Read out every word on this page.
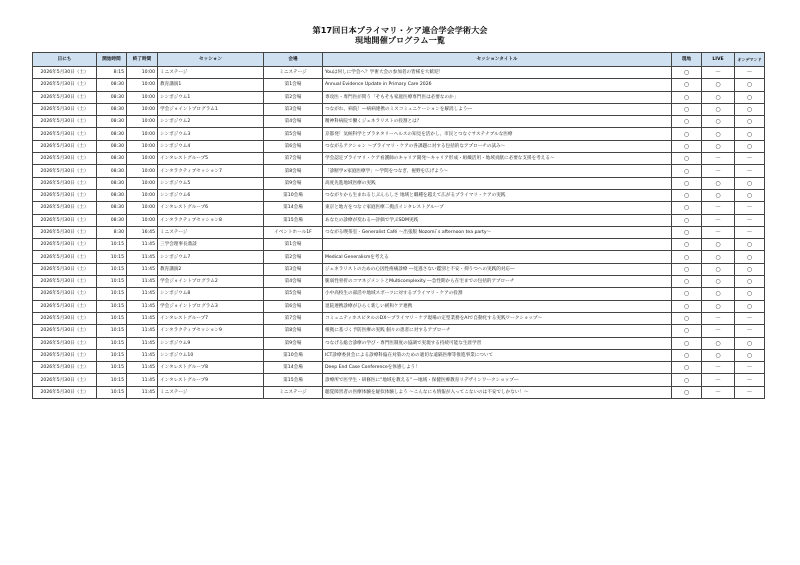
第17回日本プライマリ・ケア連合学会学術大会
現地開催プログラム一覧
日にち	開始時間	終了時間	セッション	会場	セッションタイトル	現地	LIVE	オンデマンド
2026年5月30日（土）	8:15	10:00	ミニステージ	ミニステージ	Youは何しに学会へ？学術大会の参加者の皆様を大歓迎！	○	－	－
2026年5月30日（土）	08:30	10:00	教育講演1	第1会場	Annual Evidence Update in Primary Care 2026	○	○	○
2026年5月30日（土）	08:30	10:00	シンポジウム1	第2会場	専攻医・専門医が問う「そもそも家庭医療専門医は必要なのか」	○	○	○
2026年5月30日（土）	08:30	10:00	学会ジョイントプログラム1	第3会場	つながれ、病院！―病病連携のミスコミュニケーションを解消しよう―	○	○	○
2026年5月30日（土）	08:30	10:00	シンポジウム2	第4会場	精神科病院で働くジェネラリストの役割とは？	○	○	○
2026年5月30日（土）	08:30	10:00	シンポジウム3	第5会場	京都発！気候科学とプラネタリーヘルスの知見を活かし、市民とつなぐサステナブルな医療	○	○	○
2026年5月30日（土）	08:30	10:00	シンポジウム4	第6会場	つながるアクション ～プライマリ・ケアの各課題に対する包括的なアプローチの試み～	○	○	○
2026年5月30日（土）	08:30	10:00	インタレストグループ5	第7会場	学会認定プライマリ・ケア看護師のキャリア開発〜キャリア形成・組織活用・地域貢献に必要な支援を考える〜	○	－	－
2026年5月30日（土）	08:30	10:00	インタラクティブセッション7	第8会場	「診断学×家庭医療学」～学問をつなぎ、視野を広げよう～	○	－	－
2026年5月30日（土）	08:30	10:00	シンポジウム5	第9会場	高度先進地域医療の実践	○	○	○
2026年5月30日（土）	08:30	10:00	シンポジウム6	第10会場	つながりから生まれるじぶんらしさ 地域と職種を越えて広がるプライマリ・ケアの実践	○	○	○
2026年5月30日（土）	08:30	10:00	インタレストグループ6	第14会場	東京と地方をつなぐ家庭医療二拠点インタレストグループ	○	－	－
2026年5月30日（土）	08:30	10:00	インタラクティブセッション8	第15会場	あなたの診療が変わる―評価で学ぶSDM実践	○	－	－
2026年5月30日（土）	8:30	16:45	ミニステージ	イベントホール1F	つながる喫茶室 - Generalist Café ～出張版 Nozomi`s afternoon tea party～	○	－	－
2026年5月30日（土）	10:15	11:45	三学会理事長鼎談	第1会場		○	○	○
2026年5月30日（土）	10:15	11:45	シンポジウム7	第2会場	Medical Generalismを考える	○	○	○
2026年5月30日（土）	10:15	11:45	教育講演2	第3会場	ジェネラリストのための心因性疼痛診療 ―見逃さない鑑別と不安・抑うつへの実践的対応―	○	○	○
2026年5月30日（土）	10:15	11:45	学会ジョイントプログラム2	第4会場	脆弱性骨折のコマネジメントとMulticomplexity ―急性期から在宅までの包括的アプローチ	○	○	○
2026年5月30日（土）	10:15	11:45	シンポジウム8	第5会場	小中高校生の部活や地域スポーツに対するプライマリ・ケアの役割	○	○	○
2026年5月30日（土）	10:15	11:45	学会ジョイントプログラム3	第6会場	退院連携診療がひらく新しい緩和ケア連携	○	○	○
2026年5月30日（土）	10:15	11:45	インタレストグループ7	第7会場	コミュニティホスピタルのDX～プライマリ・ケア現場の定型業務をAIで自動化する実践ワークショップ～	○	－	－
2026年5月30日（土）	10:15	11:45	インタラクティブセッション9	第8会場	根拠に基づく予防医療の実践 個々の患者に対するアプローチ	○	－	－
2026年5月30日（土）	10:15	11:45	シンポジウム9	第9会場	つなげる総合診療の学び・専門医制度の協調で実現する持続可能な生涯学習	○	○	○
2026年5月30日（土）	10:15	11:45	シンポジウム10	第10会場	ICT診療委員会による診療科偏在対策のための適切な遠隔医療等推進事業について	○	○	○
2026年5月30日（土）	10:15	11:45	インタレストグループ8	第14会場	Deep End Case Conferenceを体感しよう！	○	－	－
2026年5月30日（土）	10:15	11:45	インタレストグループ9	第15会場	診療所で医学生・研修医に"地域を教える" ―地域・保健医療教育リデザインワークショップ―	○	－	－
2026年5月30日（土）	10:15	11:45	ミニステージ	ミニステージ	聴覚障害者の医療体験を疑似体験しよう ～こんなにも情報が入ってこないのは不安でしかない！～	○	－	－
